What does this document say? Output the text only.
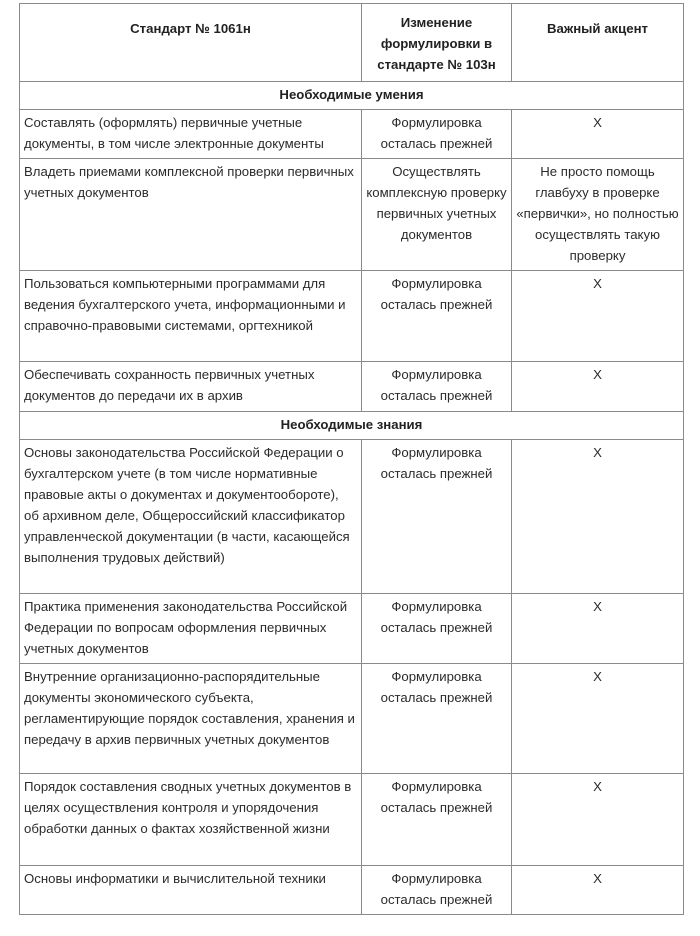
Стандарт № 1061н	Изменение формулировки в стандарте № 103н	Важный акцент
Необходимые умения		
Составлять (оформлять) первичные учетные документы, в том числе электронные документы	Формулировка осталась прежней	Х
Владеть приемами комплексной проверки первичных учетных документов	Осуществлять комплексную проверку первичных учетных документов	Не просто помощь главбуху в проверке «первички», но полностью осуществлять такую проверку
Пользоваться компьютерными программами для ведения бухгалтерского учета, информационными и справочно-правовыми системами, оргтехникой	Формулировка осталась прежней	Х
Обеспечивать сохранность первичных учетных документов до передачи их в архив	Формулировка осталась прежней	Х
Необходимые знания		
Основы законодательства Российской Федерации о бухгалтерском учете (в том числе нормативные правовые акты о документах и документообороте), об архивном деле, Общероссийский классификатор управленческой документации (в части, касающейся выполнения трудовых действий)	Формулировка осталась прежней	Х
Практика применения законодательства Российской Федерации по вопросам оформления первичных учетных документов	Формулировка осталась прежней	Х
Внутренние организационно-распорядительные документы экономического субъекта, регламентирующие порядок составления, хранения и передачу в архив первичных учетных документов	Формулировка осталась прежней	Х
Порядок составления сводных учетных документов в целях осуществления контроля и упорядочения обработки данных о фактах хозяйственной жизни	Формулировка осталась прежней	Х
Основы информатики и вычислительной техники	Формулировка осталась прежней	Х
